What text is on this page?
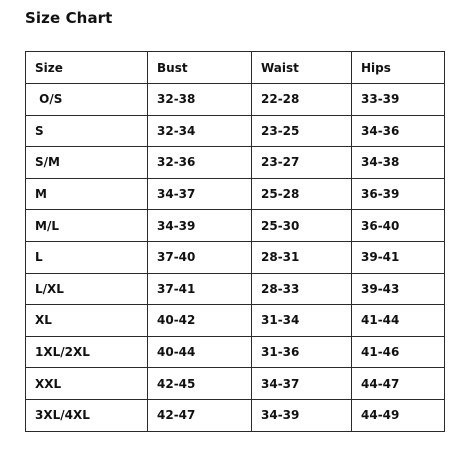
Size Chart
Size	Bust	Waist	Hips
O/S	32-38	22-28	33-39
S	32-34	23-25	34-36
S/M	32-36	23-27	34-38
M	34-37	25-28	36-39
M/L	34-39	25-30	36-40
L	37-40	28-31	39-41
L/XL	37-41	28-33	39-43
XL	40-42	31-34	41-44
1XL/2XL	40-44	31-36	41-46
XXL	42-45	34-37	44-47
3XL/4XL	42-47	34-39	44-49
